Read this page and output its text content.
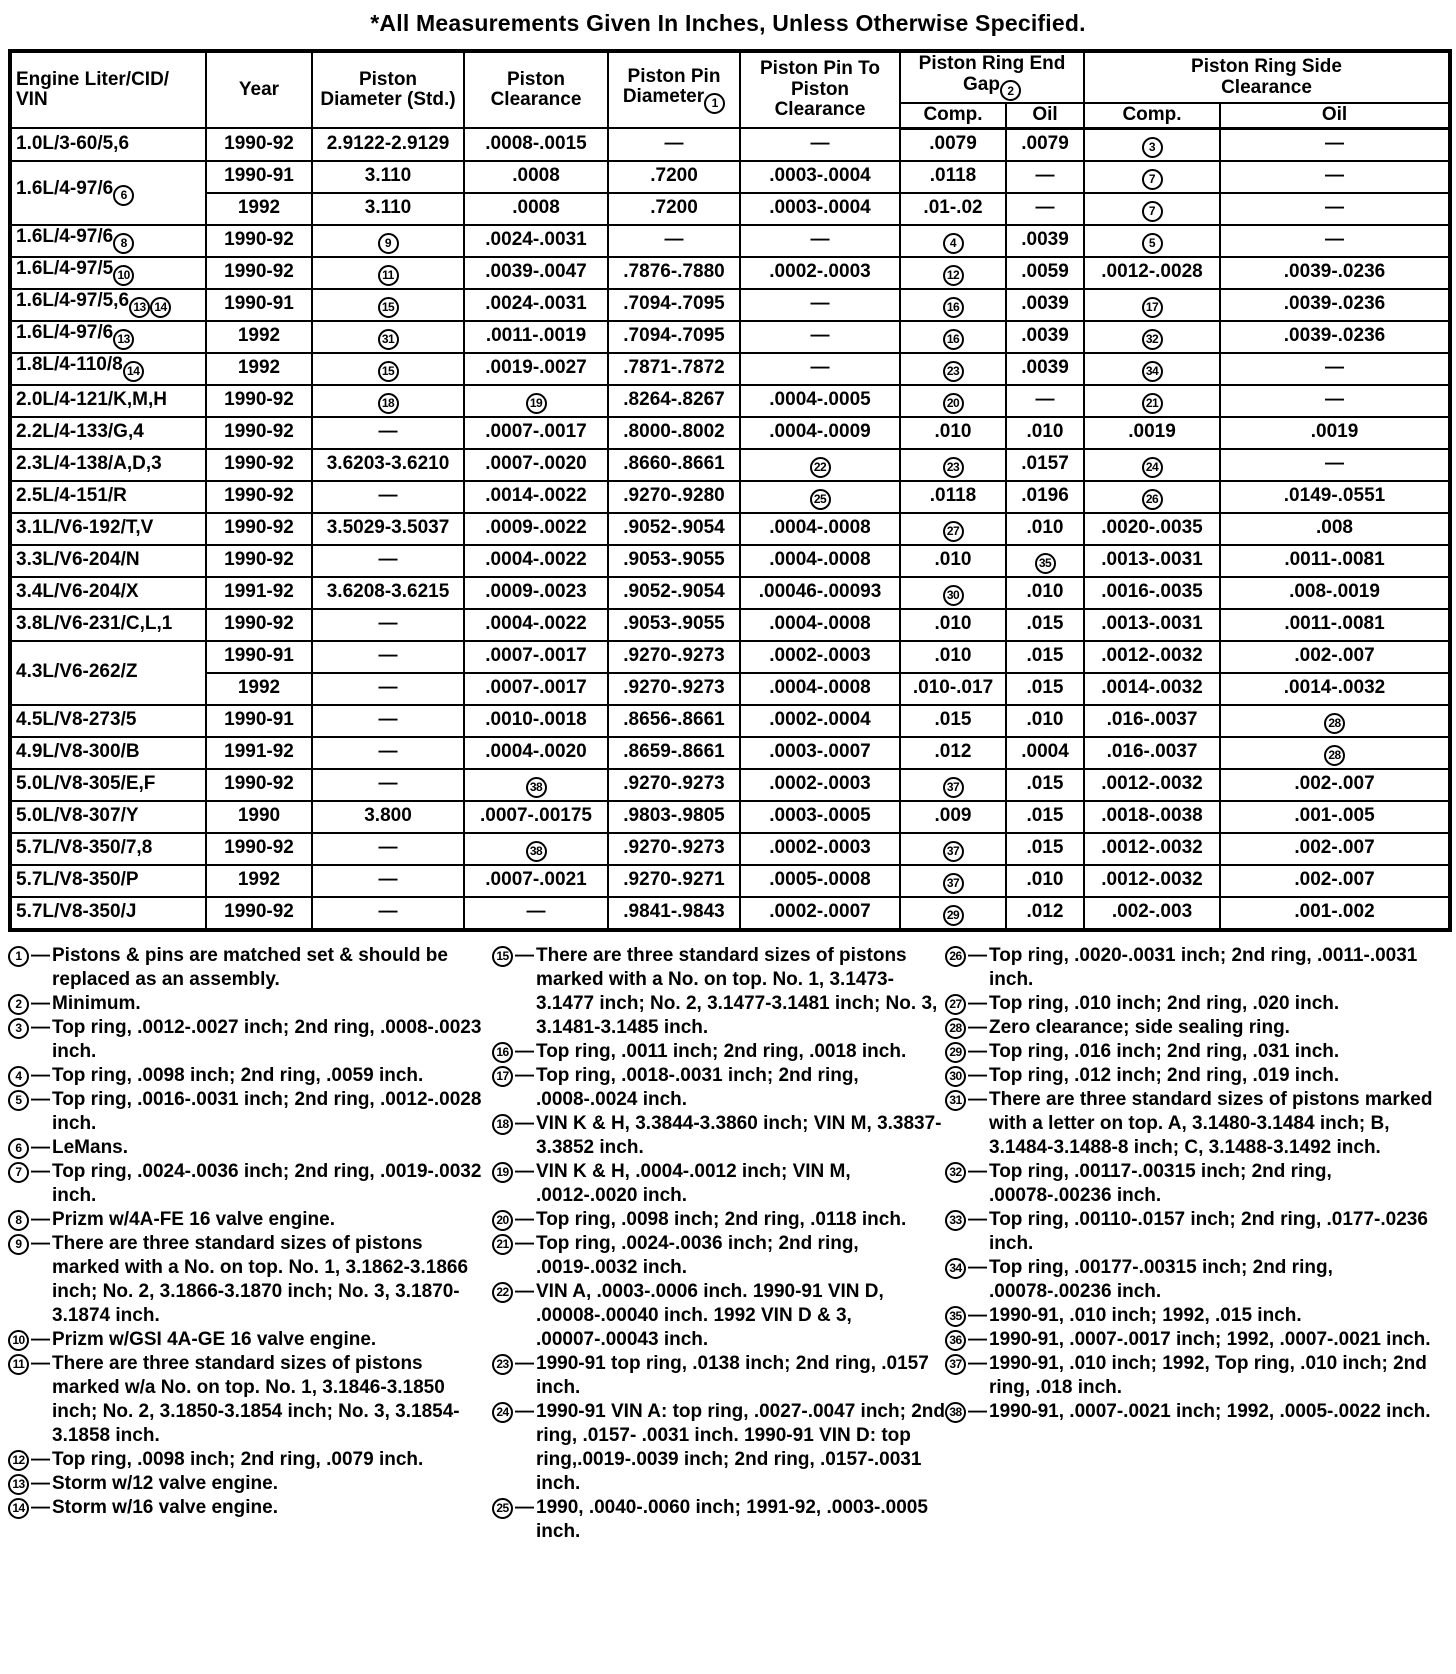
*All Measurements Given In Inches, Unless Otherwise Specified.
Engine Liter/CID/ VIN	Year	Piston Diameter (Std.)	Piston Clearance	Piston Pin Diameter 1	Piston Pin To Piston Clearance	Piston Ring End Gap 2		Piston Ring Side Clearance	
						Comp.	Oil	Comp.	Oil
1.0L/3-60/5,6	1990-92	2.9122-2.9129	.0008-.0015	—	—	.0079	.0079	3	—
1.6L/4-97/6 6	1990-91	3.110	.0008	.7200	.0003-.0004	.0118	—	7	—
	1992	3.110	.0008	.7200	.0003-.0004	.01-.02	—	7	—
1.6L/4-97/6 8	1990-92	9	.0024-.0031	—	—	4	.0039	5	—
1.6L/4-97/5 10	1990-92	11	.0039-.0047	.7876-.7880	.0002-.0003	12	.0059	.0012-.0028	.0039-.0236
1.6L/4-97/5,6 13 14	1990-91	15	.0024-.0031	.7094-.7095	—	16	.0039	17	.0039-.0236
1.6L/4-97/6 13	1992	31	.0011-.0019	.7094-.7095	—	16	.0039	32	.0039-.0236
1.8L/4-110/8 14	1992	15	.0019-.0027	.7871-.7872	—	23	.0039	34	—
2.0L/4-121/K,M,H	1990-92	18	19	.8264-.8267	.0004-.0005	20	—	21	—
2.2L/4-133/G,4	1990-92	—	.0007-.0017	.8000-.8002	.0004-.0009	.010	.010	.0019	.0019
2.3L/4-138/A,D,3	1990-92	3.6203-3.6210	.0007-.0020	.8660-.8661	22	23	.0157	24	—
2.5L/4-151/R	1990-92	—	.0014-.0022	.9270-.9280	25	.0118	.0196	26	.0149-.0551
3.1L/V6-192/T,V	1990-92	3.5029-3.5037	.0009-.0022	.9052-.9054	.0004-.0008	27	.010	.0020-.0035	.008
3.3L/V6-204/N	1990-92	—	.0004-.0022	.9053-.9055	.0004-.0008	.010	35	.0013-.0031	.0011-.0081
3.4L/V6-204/X	1991-92	3.6208-3.6215	.0009-.0023	.9052-.9054	.00046-.00093	30	.010	.0016-.0035	.008-.0019
3.8L/V6-231/C,L,1	1990-92	—	.0004-.0022	.9053-.9055	.0004-.0008	.010	.015	.0013-.0031	.0011-.0081
4.3L/V6-262/Z	1990-91	—	.0007-.0017	.9270-.9273	.0002-.0003	.010	.015	.0012-.0032	.002-.007
	1992	—	.0007-.0017	.9270-.9273	.0004-.0008	.010-.017	.015	.0014-.0032	.0014-.0032
4.5L/V8-273/5	1990-91	—	.0010-.0018	.8656-.8661	.0002-.0004	.015	.010	.016-.0037	28
4.9L/V8-300/B	1991-92	—	.0004-.0020	.8659-.8661	.0003-.0007	.012	.0004	.016-.0037	28
5.0L/V8-305/E,F	1990-92	—	38	.9270-.9273	.0002-.0003	37	.015	.0012-.0032	.002-.007
5.0L/V8-307/Y	1990	3.800	.0007-.00175	.9803-.9805	.0003-.0005	.009	.015	.0018-.0038	.001-.005
5.7L/V8-350/7,8	1990-92	—	38	.9270-.9273	.0002-.0003	37	.015	.0012-.0032	.002-.007
5.7L/V8-350/P	1992	—	.0007-.0021	.9270-.9271	.0005-.0008	37	.010	.0012-.0032	.002-.007
5.7L/V8-350/J	1990-92	—	—	.9841-.9843	.0002-.0007	29	.012	.002-.003	.001-.002
1 — Pistons & pins are matched set & should be replaced as an assembly.
2 — Minimum.
3 — Top ring, .0012-.0027 inch; 2nd ring, .0008-.0023 inch.
4 — Top ring, .0098 inch; 2nd ring, .0059 inch.
5 — Top ring, .0016-.0031 inch; 2nd ring, .0012-.0028 inch.
6 — LeMans.
7 — Top ring, .0024-.0036 inch; 2nd ring, .0019-.0032 inch.
8 — Prizm w/4A-FE 16 valve engine.
9 — There are three standard sizes of pistons marked with a No. on top. No. 1, 3.1862-3.1866 inch; No. 2, 3.1866-3.1870 inch; No. 3, 3.1870-3.1874 inch.
10 — Prizm w/GSI 4A-GE 16 valve engine.
11 — There are three standard sizes of pistons marked w/a No. on top. No. 1, 3.1846-3.1850 inch; No. 2, 3.1850-3.1854 inch; No. 3, 3.1854-3.1858 inch.
12 — Top ring, .0098 inch; 2nd ring, .0079 inch.
13 — Storm w/12 valve engine.
14 — Storm w/16 valve engine.
15 — There are three standard sizes of pistons marked with a No. on top. No. 1, 3.1473-3.1477 inch; No. 2, 3.1477-3.1481 inch; No. 3, 3.1481-3.1485 inch.
16 — Top ring, .0011 inch; 2nd ring, .0018 inch.
17 — Top ring, .0018-.0031 inch; 2nd ring, .0008-.0024 inch.
18 — VIN K & H, 3.3844-3.3860 inch; VIN M, 3.3837-3.3852 inch.
19 — VIN K & H, .0004-.0012 inch; VIN M, .0012-.0020 inch.
20 — Top ring, .0098 inch; 2nd ring, .0118 inch.
21 — Top ring, .0024-.0036 inch; 2nd ring, .0019-.0032 inch.
22 — VIN A, .0003-.0006 inch. 1990-91 VIN D, .00008-.00040 inch. 1992 VIN D & 3, .00007-.00043 inch.
23 — 1990-91 top ring, .0138 inch; 2nd ring, .0157 inch.
24 — 1990-91 VIN A: top ring, .0027-.0047 inch; 2nd ring, .0157- .0031 inch. 1990-91 VIN D: top ring,.0019-.0039 inch; 2nd ring, .0157-.0031 inch.
25 — 1990, .0040-.0060 inch; 1991-92, .0003-.0005 inch.
26 — Top ring, .0020-.0031 inch; 2nd ring, .0011-.0031 inch.
27 — Top ring, .010 inch; 2nd ring, .020 inch.
28 — Zero clearance; side sealing ring.
29 — Top ring, .016 inch; 2nd ring, .031 inch.
30 — Top ring, .012 inch; 2nd ring, .019 inch.
31 — There are three standard sizes of pistons marked with a letter on top. A, 3.1480-3.1484 inch; B, 3.1484-3.1488-8 inch; C, 3.1488-3.1492 inch.
32 — Top ring, .00117-.00315 inch; 2nd ring, .00078-.00236 inch.
33 — Top ring, .00110-.0157 inch; 2nd ring, .0177-.0236 inch.
34 — Top ring, .00177-.00315 inch; 2nd ring, .00078-.00236 inch.
35 — 1990-91, .010 inch; 1992, .015 inch.
36 — 1990-91, .0007-.0017 inch; 1992, .0007-.0021 inch.
37 — 1990-91, .010 inch; 1992, Top ring, .010 inch; 2nd ring, .018 inch.
38 — 1990-91, .0007-.0021 inch; 1992, .0005-.0022 inch.
